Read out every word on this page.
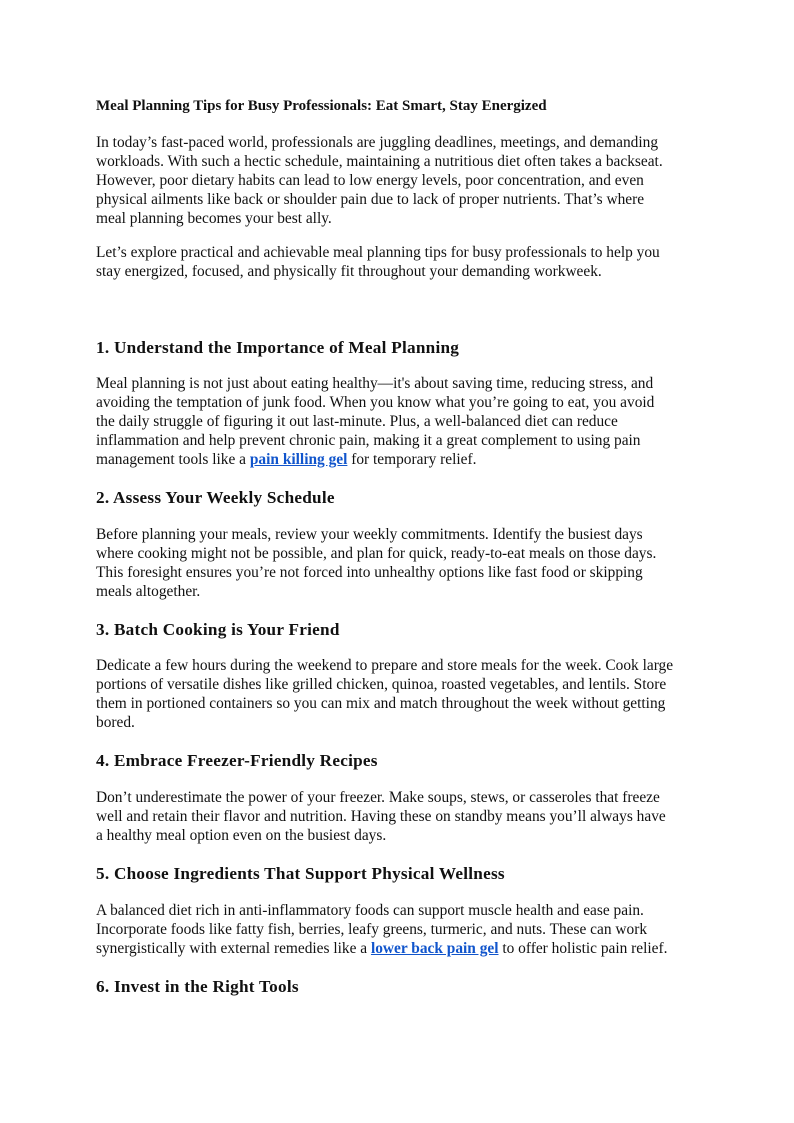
Meal Planning Tips for Busy Professionals: Eat Smart, Stay Energized

In today’s fast-paced world, professionals are juggling deadlines, meetings, and demanding
workloads. With such a hectic schedule, maintaining a nutritious diet often takes a backseat.
However, poor dietary habits can lead to low energy levels, poor concentration, and even
physical ailments like back or shoulder pain due to lack of proper nutrients. That’s where
meal planning becomes your best ally.

Let’s explore practical and achievable meal planning tips for busy professionals to help you
stay energized, focused, and physically fit throughout your demanding workweek.

1. Understand the Importance of Meal Planning

Meal planning is not just about eating healthy—it's about saving time, reducing stress, and
avoiding the temptation of junk food. When you know what you’re going to eat, you avoid
the daily struggle of figuring it out last-minute. Plus, a well-balanced diet can reduce
inflammation and help prevent chronic pain, making it a great complement to using pain
management tools like a pain killing gel for temporary relief.

2. Assess Your Weekly Schedule

Before planning your meals, review your weekly commitments. Identify the busiest days
where cooking might not be possible, and plan for quick, ready-to-eat meals on those days.
This foresight ensures you’re not forced into unhealthy options like fast food or skipping
meals altogether.

3. Batch Cooking is Your Friend

Dedicate a few hours during the weekend to prepare and store meals for the week. Cook large
portions of versatile dishes like grilled chicken, quinoa, roasted vegetables, and lentils. Store
them in portioned containers so you can mix and match throughout the week without getting
bored.

4. Embrace Freezer-Friendly Recipes

Don’t underestimate the power of your freezer. Make soups, stews, or casseroles that freeze
well and retain their flavor and nutrition. Having these on standby means you’ll always have
a healthy meal option even on the busiest days.

5. Choose Ingredients That Support Physical Wellness

A balanced diet rich in anti-inflammatory foods can support muscle health and ease pain.
Incorporate foods like fatty fish, berries, leafy greens, turmeric, and nuts. These can work
synergistically with external remedies like a lower back pain gel to offer holistic pain relief.

6. Invest in the Right Tools
